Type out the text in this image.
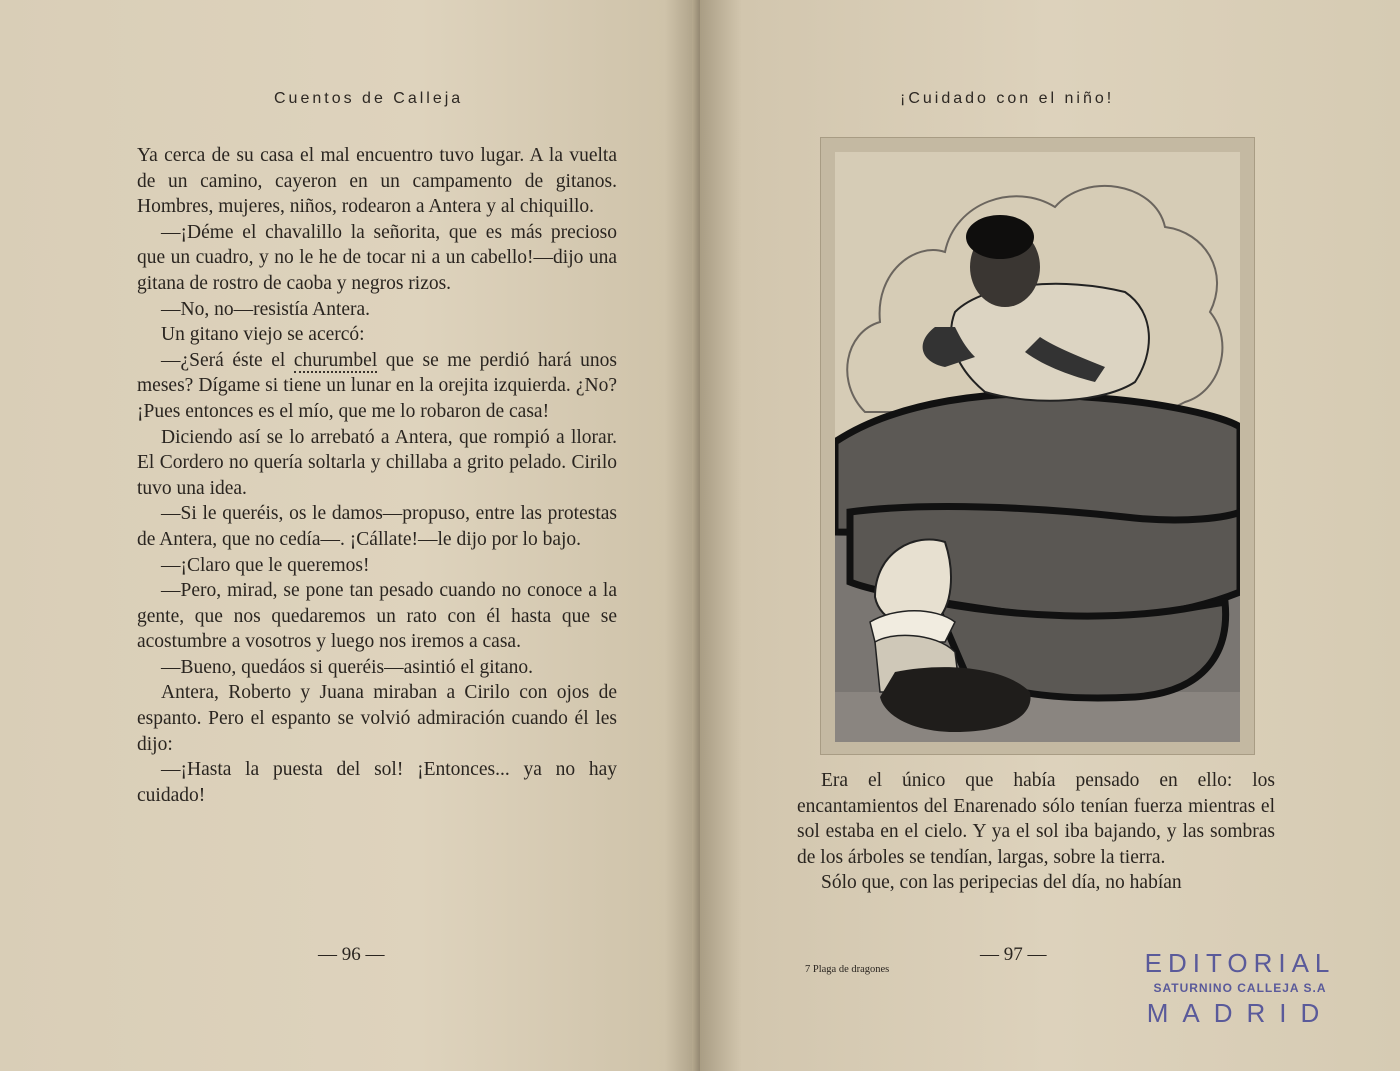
Cuentos de Calleja

Ya cerca de su casa el mal encuentro tuvo lugar. A la vuelta de un camino, cayeron en un campamento de gitanos. Hombres, mujeres, niños, rodearon a Antera y al chiquillo.

—¡Déme el chavalillo la señorita, que es más precioso que un cuadro, y no le he de tocar ni a un cabello!—dijo una gitana de rostro de caoba y negros rizos.

—No, no—resistía Antera.

Un gitano viejo se acercó:

—¿Será éste el churumbel que se me perdió hará unos meses? Dígame si tiene un lunar en la orejita izquierda. ¿No? ¡Pues entonces es el mío, que me lo robaron de casa!

Diciendo así se lo arrebató a Antera, que rompió a llorar. El Cordero no quería soltarla y chillaba a grito pelado. Cirilo tuvo una idea.

—Si le queréis, os le damos—propuso, entre las protestas de Antera, que no cedía—. ¡Cállate!—le dijo por lo bajo.

—¡Claro que le queremos!

—Pero, mirad, se pone tan pesado cuando no conoce a la gente, que nos quedaremos un rato con él hasta que se acostumbre a vosotros y luego nos iremos a casa.

—Bueno, quedáos si queréis—asintió el gitano.

Antera, Roberto y Juana miraban a Cirilo con ojos de espanto. Pero el espanto se volvió admiración cuando él les dijo:

—¡Hasta la puesta del sol! ¡Entonces... ya no hay cuidado!

— 96 —
¡Cuidado con el niño!

Era el único que había pensado en ello: los encantamientos del Enarenado sólo tenían fuerza mientras el sol estaba en el cielo. Y ya el sol iba bajando, y las sombras de los árboles se tendían, largas, sobre la tierra.

Sólo que, con las peripecias del día, no habían

7 Plaga de dragones
— 97 —	EDITORIAL
SATURNINO CALLEJA S.A
MADRID
